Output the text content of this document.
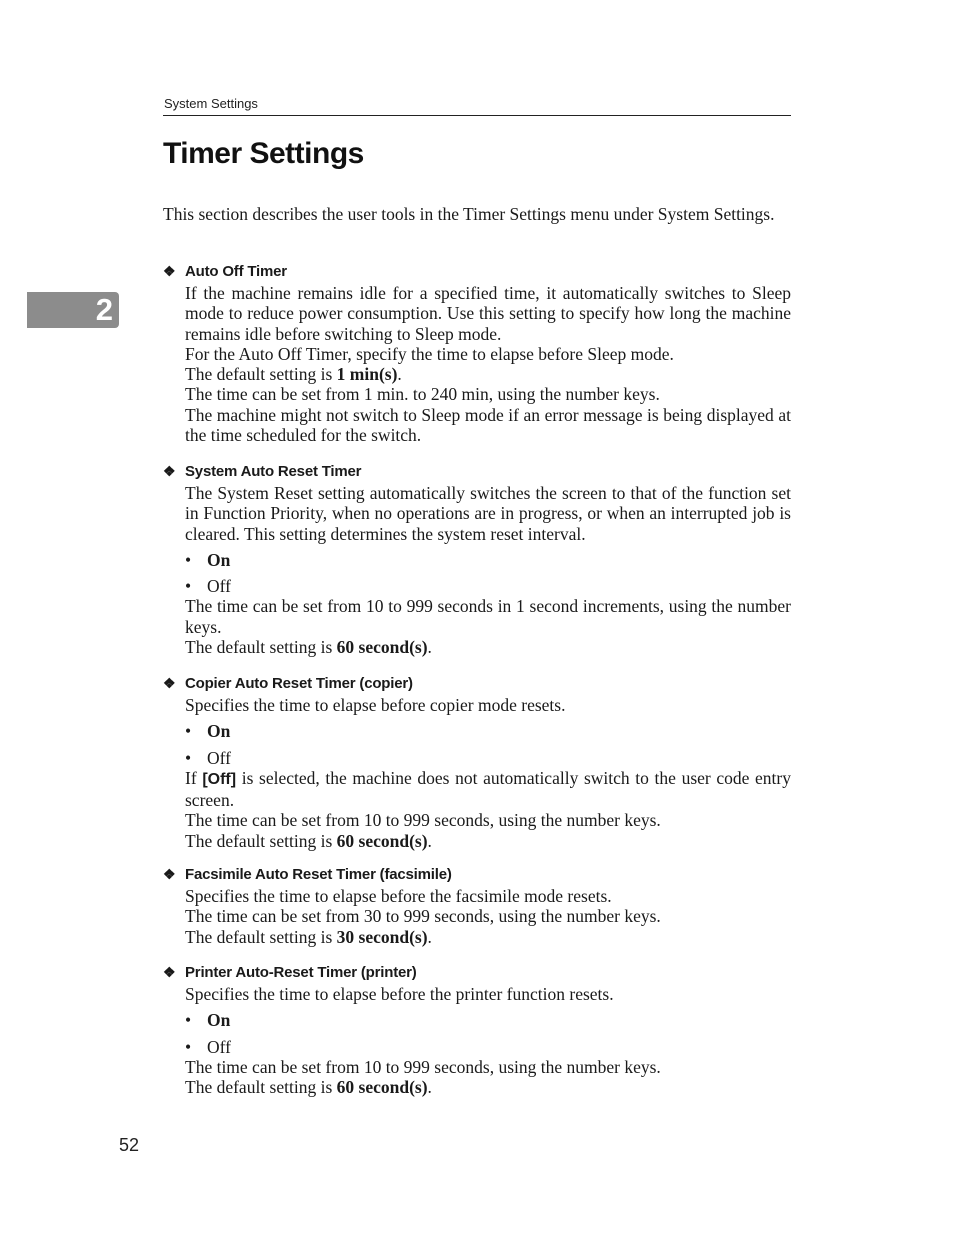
System Settings
2
Timer Settings

This section describes the user tools in the Timer Settings menu under System Settings.

❖ Auto Off Timer

If the machine remains idle for a specified time, it automatically switches to Sleep mode to reduce power consumption. Use this setting to specify how long the machine remains idle before switching to Sleep mode.

For the Auto Off Timer, specify the time to elapse before Sleep mode.

The default setting is 1 min(s).

The time can be set from 1 min. to 240 min, using the number keys.

The machine might not switch to Sleep mode if an error message is being displayed at the time scheduled for the switch.

❖ System Auto Reset Timer

The System Reset setting automatically switches the screen to that of the function set in Function Priority, when no operations are in progress, or when an interrupted job is cleared. This setting determines the system reset interval.

• On

• Off

The time can be set from 10 to 999 seconds in 1 second increments, using the number keys.

The default setting is 60 second(s).

❖ Copier Auto Reset Timer (copier)

Specifies the time to elapse before copier mode resets.

• On

• Off

If [Off] is selected, the machine does not automatically switch to the user code entry screen.

The time can be set from 10 to 999 seconds, using the number keys.

The default setting is 60 second(s).

❖ Facsimile Auto Reset Timer (facsimile)

Specifies the time to elapse before the facsimile mode resets.

The time can be set from 30 to 999 seconds, using the number keys.

The default setting is 30 second(s).

❖ Printer Auto-Reset Timer (printer)

Specifies the time to elapse before the printer function resets.

• On

• Off

The time can be set from 10 to 999 seconds, using the number keys.

The default setting is 60 second(s).

52
